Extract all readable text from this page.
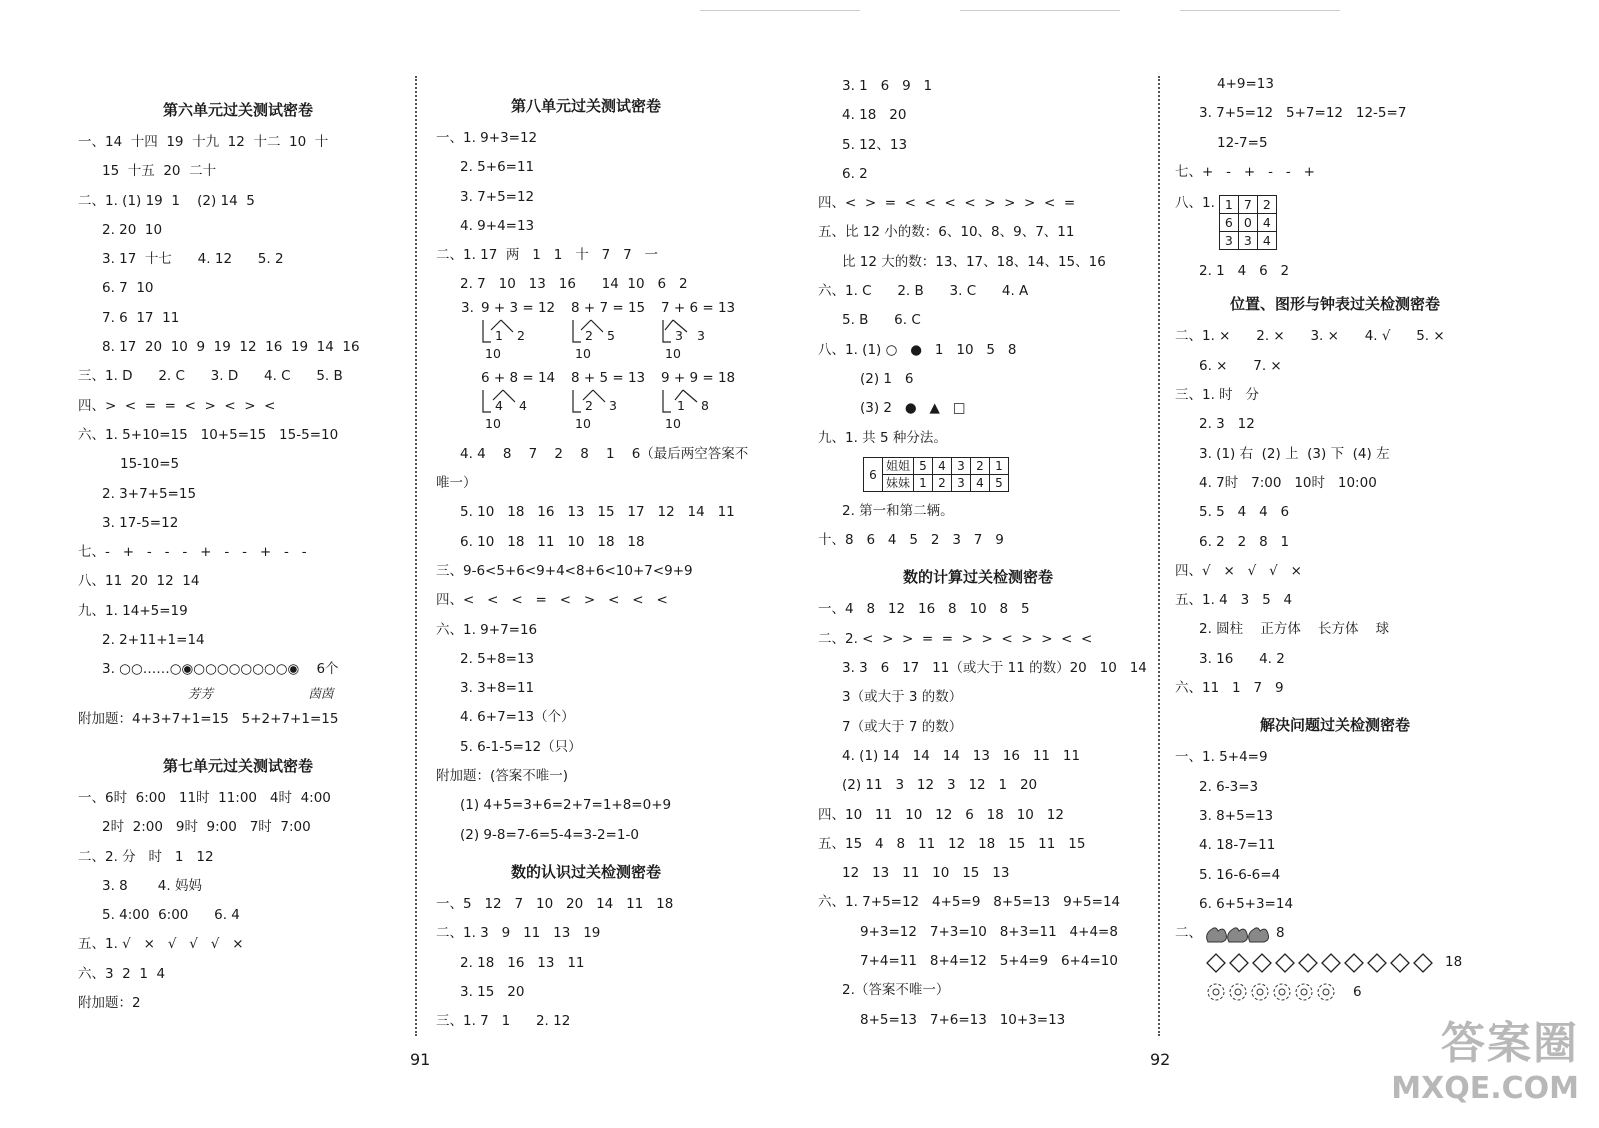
第六单元过关测试密卷
一、14  十四  19  十九  12  十二  10  十
15  十五  20  二十
二、1. (1) 19  1    (2) 14  5
2. 20  10
3. 17  十七      4. 12      5. 2
6. 7  10
7. 6  17  11
8. 17  20  10  9  19  12  16  19  14  16
三、1. D      2. C      3. D      4. C      5. B
四、>  <  =  =  <  >  <  >  <
六、1. 5+10=15   10+5=15   15-5=10
15-10=5
2. 3+7+5=15
3. 17-5=12
七、-   +   -   -   -   +   -   -   +   -   -
八、11  20  12  14
九、1. 14+5=19
2. 2+11+1=14
3. ○○……○◉○○○○○○○○◉    6个
芳芳                        茵茵
附加题：4+3+7+1=15   5+2+7+1=15
第七单元过关测试密卷
一、6时  6:00   11时  11:00   4时  4:00
2时  2:00   9时  9:00   7时  7:00
二、2. 分   时   1   12
3. 8       4. 妈妈
5. 4:00  6:00      6. 4
五、1. √   ×   √   √   √   ×
六、3  2  1  4
附加题：2
第八单元过关测试密卷
一、1. 9+3=12
2. 5+6=11
3. 7+5=12
4. 9+4=13
二、1. 17  两   1   1   十   7   7   一
2. 7   10   13   16      14  10   6   2
3. 9 + 3 = 12 8 + 7 = 15 7 + 6 = 13
1 2	2 5	3 3
10	10	10
6 + 8 = 14 8 + 5 = 13 9 + 9 = 18
4 4	2 3	1 8
10	10	10
4. 4    8    7    2    8    1    6（最后两空答案不
唯一）
5. 10   18   16   13   15   17   12   14   11
6. 10   18   11   10   18   18
三、9-6<5+6<9+4<8+6<10+7<9+9
四、<   <   <   =   <   >   <   <   <
六、1. 9+7=16
2. 5+8=13
3. 3+8=11
4. 6+7=13（个）
5. 6-1-5=12（只）
附加题：(答案不唯一)
(1) 4+5=3+6=2+7=1+8=0+9
(2) 9-8=7-6=5-4=3-2=1-0
数的认识过关检测密卷
一、5   12   7   10   20   14   11   18
二、1. 3   9   11   13   19
2. 18   16   13   11
3. 15   20
三、1. 7   1      2. 12
3. 1   6   9   1
4. 18   20
5. 12、13
6. 2
四、<  >  =  <  <  <  <  >  >  >  <  =
五、比 12 小的数：6、10、8、9、7、11
比 12 大的数：13、17、18、14、15、16
六、1. C      2. B      3. C      4. A
5. B      6. C
八、1. (1) ○   ●   1   10   5   8
(2) 1   6
(3) 2   ●   ▲   □
九、1. 共 5 种分法。
6	姐姐	5	4	3	2	1
	妹妹	1	2	3	4	5
2. 第一和第二辆。
十、8   6   4   5   2   3   7   9
数的计算过关检测密卷
一、4   8   12   16   8   10   8   5
二、2. <  >  >  =  =  >  >  <  >  >  <  <
3. 3   6   17   11（或大于 11 的数）20   10   14
3（或大于 3 的数）
7（或大于 7 的数）
4. (1) 14   14   14   13   16   11   11
(2) 11   3   12   3   12   1   20
四、10   11   10   12   6   18   10   12
五、15   4   8   11   12   18   15   11   15
12   13   11   10   15   13
六、1. 7+5=12   4+5=9   8+5=13   9+5=14
9+3=12   7+3=10   8+3=11   4+4=8
7+4=11   8+4=12   5+4=9   6+4=10
2.（答案不唯一）
8+5=13   7+6=13   10+3=13
4+9=13
3. 7+5=12   5+7=12   12-5=7
12-7=5
七、+   -   +   -   -   +
八、1. 1	7	2
6	0	4
3	3	4
2. 1   4   6   2
位置、图形与钟表过关检测密卷
二、1. ×      2. ×      3. ×      4. √      5. ×
6. ×      7. ×
三、1. 时   分
2. 3   12
3. (1) 右  (2) 上  (3) 下  (4) 左
4. 7时   7:00   10时   10:00
5. 5   4   4   6
6. 2   2   8   1
四、√   ×   √   √   ×
五、1. 4   3   5   4
2. 圆柱    正方体    长方体    球
3. 16      4. 2
六、11   1   7   9
解决问题过关检测密卷
一、1. 5+4=9
2. 6-3=3
3. 8+5=13
4. 18-7=11
5. 16-6-6=4
6. 6+5+3=14
二、	8
18
6
91	92	答案圈
MXQE.COM
